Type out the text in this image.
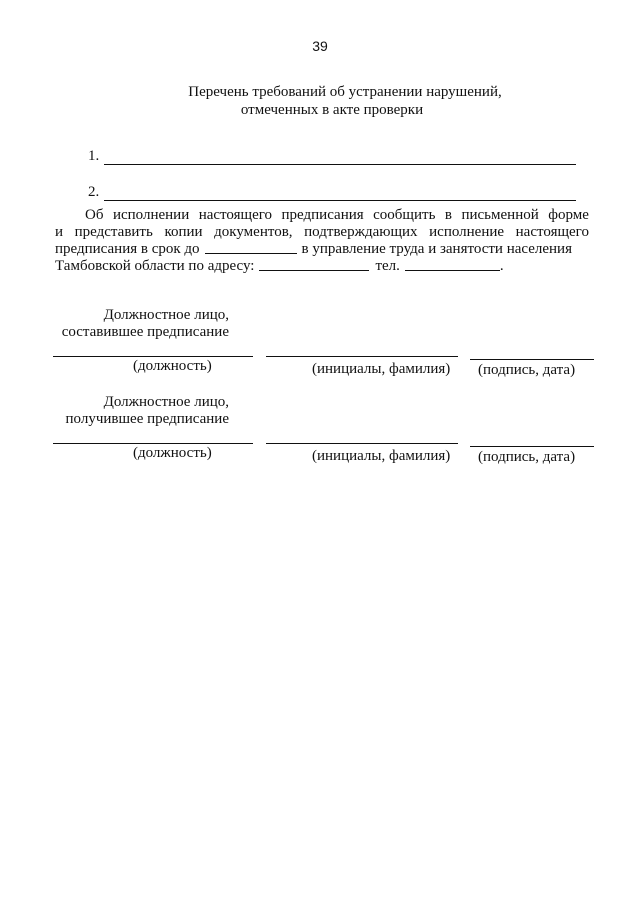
39
Перечень требований об устранении нарушений,
отмеченных в акте проверки
1.
2.
Об исполнении настоящего предписания сообщить в письменной форме
и представить копии документов, подтверждающих исполнение настоящего
предписания в срок до	в управление труда и занятости населения
Тамбовской области по адресу:	тел.	.
Должностное лицо,
составившее предписание
(должность)	(инициалы, фамилия) (подпись, дата)
Должностное лицо,
получившее предписание
(должность)	(инициалы, фамилия) (подпись, дата)
